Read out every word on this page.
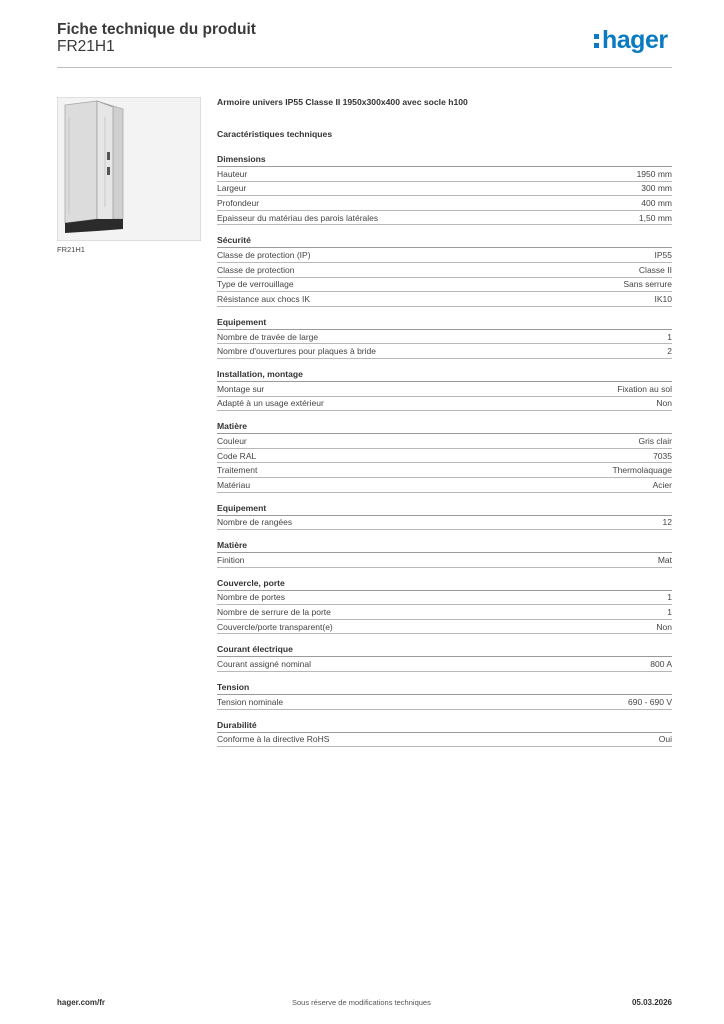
Fiche technique du produit
FR21H1	hager
FR21H1
Armoire univers IP55 Classe II 1950x300x400 avec socle h100
Caractéristiques techniques
Dimensions
Hauteur	1950 mm
Largeur	300 mm
Profondeur	400 mm
Epaisseur du matériau des parois latérales	1,50 mm
Sécurité
Classe de protection (IP)	IP55
Classe de protection	Classe II
Type de verrouillage	Sans serrure
Résistance aux chocs IK	IK10
Equipement
Nombre de travée de large	1
Nombre d'ouvertures pour plaques à bride	2
Installation, montage
Montage sur	Fixation au sol
Adapté à un usage extérieur	Non
Matière
Couleur	Gris clair
Code RAL	7035
Traitement	Thermolaquage
Matériau	Acier
Equipement
Nombre de rangées	12
Matière
Finition	Mat
Couvercle, porte
Nombre de portes	1
Nombre de serrure de la porte	1
Couvercle/porte transparent(e)	Non
Courant électrique
Courant assigné nominal	800 A
Tension
Tension nominale	690 - 690 V
Durabilité
Conforme à la directive RoHS	Oui
hager.com/fr	Sous réserve de modifications techniques	05.03.2026
